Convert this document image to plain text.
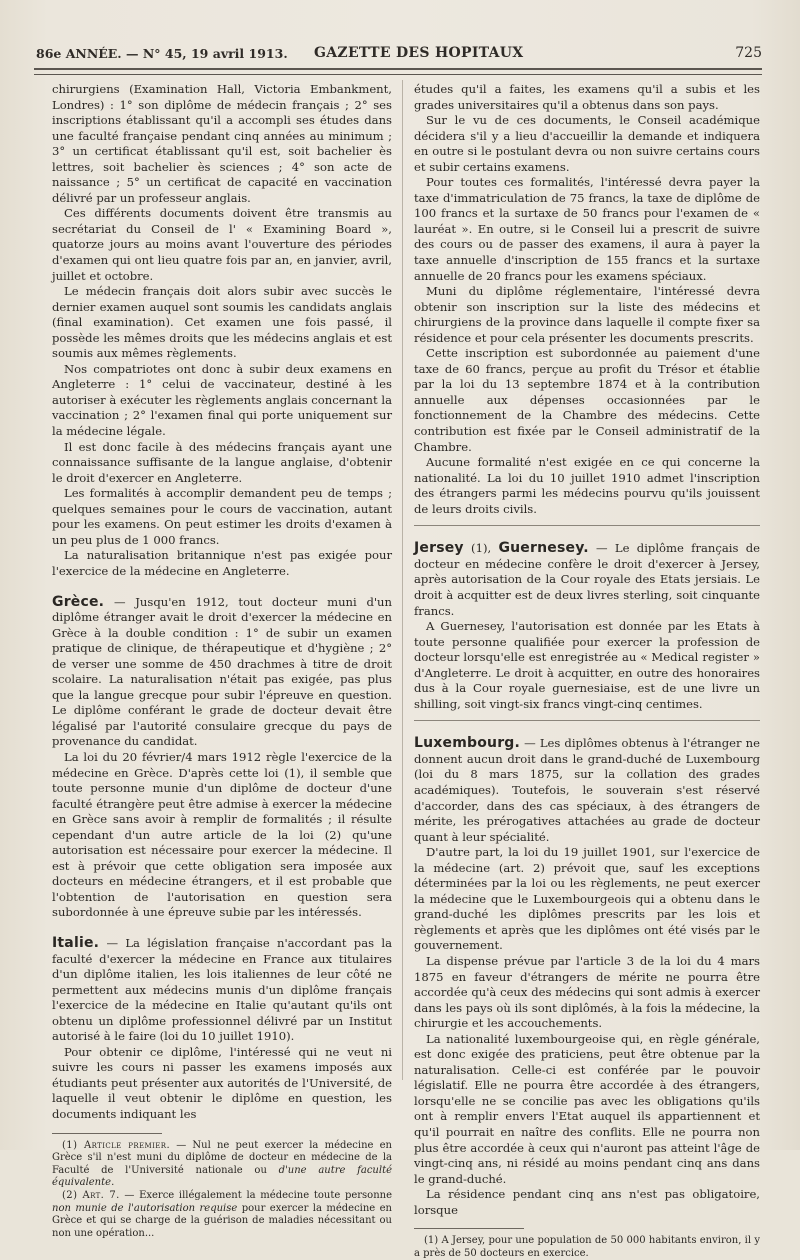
86e ANNÉE. — N° 45, 19 avril 1913. GAZETTE DES HOPITAUX	725

chirurgiens (Examination Hall, Victoria Embankment, Londres) : 1° son diplôme de médecin français ; 2° ses inscriptions établissant qu'il a accompli ses études dans une faculté française pendant cinq années au minimum ; 3° un certificat établissant qu'il est, soit bachelier ès lettres, soit bachelier ès sciences ; 4° son acte de naissance ; 5° un certificat de capacité en vaccination délivré par un professeur anglais.

Ces différents documents doivent être transmis au secrétariat du Conseil de l' « Examining Board », quatorze jours au moins avant l'ouverture des périodes d'examen qui ont lieu quatre fois par an, en janvier, avril, juillet et octobre.

Le médecin français doit alors subir avec succès le dernier examen auquel sont soumis les candidats anglais (final examination). Cet examen une fois passé, il possède les mêmes droits que les médecins anglais et est soumis aux mêmes règlements.

Nos compatriotes ont donc à subir deux examens en Angleterre : 1° celui de vaccinateur, destiné à les autoriser à exécuter les règlements anglais concernant la vaccination ; 2° l'examen final qui porte uniquement sur la médecine légale.

Il est donc facile à des médecins français ayant une connaissance suffisante de la langue anglaise, d'obtenir le droit d'exercer en Angleterre.

Les formalités à accomplir demandent peu de temps ; quelques semaines pour le cours de vaccination, autant pour les examens. On peut estimer les droits d'examen à un peu plus de 1 000 francs.

La naturalisation britannique n'est pas exigée pour l'exercice de la médecine en Angleterre.

Grèce. — Jusqu'en 1912, tout docteur muni d'un diplôme étranger avait le droit d'exercer la médecine en Grèce à la double condition : 1° de subir un examen pratique de clinique, de thérapeutique et d'hygiène ; 2° de verser une somme de 450 drachmes à titre de droit scolaire. La naturalisation n'était pas exigée, pas plus que la langue grecque pour subir l'épreuve en question. Le diplôme conférant le grade de docteur devait être légalisé par l'autorité consulaire grecque du pays de provenance du candidat.

La loi du 20 février/4 mars 1912 règle l'exercice de la médecine en Grèce. D'après cette loi (1), il semble que toute personne munie d'un diplôme de docteur d'une faculté étrangère peut être admise à exercer la médecine en Grèce sans avoir à remplir de formalités ; il résulte cependant d'un autre article de la loi (2) qu'une autorisation est nécessaire pour exercer la médecine. Il est à prévoir que cette obligation sera imposée aux docteurs en médecine étrangers, et il est probable que l'obtention de l'autorisation en question sera subordonnée à une épreuve subie par les intéressés.

Italie. — La législation française n'accordant pas la faculté d'exercer la médecine en France aux titulaires d'un diplôme italien, les lois italiennes de leur côté ne permettent aux médecins munis d'un diplôme français l'exercice de la médecine en Italie qu'autant qu'ils ont obtenu un diplôme professionnel délivré par un Institut autorisé à le faire (loi du 10 juillet 1910).

Pour obtenir ce diplôme, l'intéressé qui ne veut ni suivre les cours ni passer les examens imposés aux étudiants peut présenter aux autorités de l'Université, de laquelle il veut obtenir le diplôme en question, les documents indiquant les

(1) Article premier. — Nul ne peut exercer la médecine en Grèce s'il n'est muni du diplôme de docteur en médecine de la Faculté de l'Université nationale ou d'une autre faculté équivalente.

(2) Art. 7. — Exerce illégalement la médecine toute personne non munie de l'autorisation requise pour exercer la médecine en Grèce et qui se charge de la guérison de maladies nécessitant ou non une opération...

études qu'il a faites, les examens qu'il a subis et les grades universitaires qu'il a obtenus dans son pays.

Sur le vu de ces documents, le Conseil académique décidera s'il y a lieu d'accueillir la demande et indiquera en outre si le postulant devra ou non suivre certains cours et subir certains examens.

Pour toutes ces formalités, l'intéressé devra payer la taxe d'immatriculation de 75 francs, la taxe de diplôme de 100 francs et la surtaxe de 50 francs pour l'examen de « lauréat ». En outre, si le Conseil lui a prescrit de suivre des cours ou de passer des examens, il aura à payer la taxe annuelle d'inscription de 155 francs et la surtaxe annuelle de 20 francs pour les examens spéciaux.

Muni du diplôme réglementaire, l'intéressé devra obtenir son inscription sur la liste des médecins et chirurgiens de la province dans laquelle il compte fixer sa résidence et pour cela présenter les documents prescrits.

Cette inscription est subordonnée au paiement d'une taxe de 60 francs, perçue au profit du Trésor et établie par la loi du 13 septembre 1874 et à la contribution annuelle aux dépenses occasionnées par le fonctionnement de la Chambre des médecins. Cette contribution est fixée par le Conseil administratif de la Chambre.

Aucune formalité n'est exigée en ce qui concerne la nationalité. La loi du 10 juillet 1910 admet l'inscription des étrangers parmi les médecins pourvu qu'ils jouissent de leurs droits civils.

Jersey (1), Guernesey. — Le diplôme français de docteur en médecine confère le droit d'exercer à Jersey, après autorisation de la Cour royale des Etats jersiais. Le droit à acquitter est de deux livres sterling, soit cinquante francs.

A Guernesey, l'autorisation est donnée par les Etats à toute personne qualifiée pour exercer la profession de docteur lorsqu'elle est enregistrée au « Medical register » d'Angleterre. Le droit à acquitter, en outre des honoraires dus à la Cour royale guernesiaise, est de une livre un shilling, soit vingt-six francs vingt-cinq centimes.

Luxembourg. — Les diplômes obtenus à l'étranger ne donnent aucun droit dans le grand-duché de Luxembourg (loi du 8 mars 1875, sur la collation des grades académiques). Toutefois, le souverain s'est réservé d'accorder, dans des cas spéciaux, à des étrangers de mérite, les prérogatives attachées au grade de docteur quant à leur spécialité.

D'autre part, la loi du 19 juillet 1901, sur l'exercice de la médecine (art. 2) prévoit que, sauf les exceptions déterminées par la loi ou les règlements, ne peut exercer la médecine que le Luxembourgeois qui a obtenu dans le grand-duché les diplômes prescrits par les lois et règlements et après que les diplômes ont été visés par le gouvernement.

La dispense prévue par l'article 3 de la loi du 4 mars 1875 en faveur d'étrangers de mérite ne pourra être accordée qu'à ceux des médecins qui sont admis à exercer dans les pays où ils sont diplômés, à la fois la médecine, la chirurgie et les accouchements.

La nationalité luxembourgeoise qui, en règle générale, est donc exigée des praticiens, peut être obtenue par la naturalisation. Celle-ci est conférée par le pouvoir législatif. Elle ne pourra être accordée à des étrangers, lorsqu'elle ne se concilie pas avec les obligations qu'ils ont à remplir envers l'Etat auquel ils appartiennent et qu'il pourrait en naître des conflits. Elle ne pourra non plus être accordée à ceux qui n'auront pas atteint l'âge de vingt-cinq ans, ni résidé au moins pendant cinq ans dans le grand-duché.

La résidence pendant cinq ans n'est pas obligatoire, lorsque

(1) A Jersey, pour une population de 50 000 habitants environ, il y a près de 50 docteurs en exercice.
